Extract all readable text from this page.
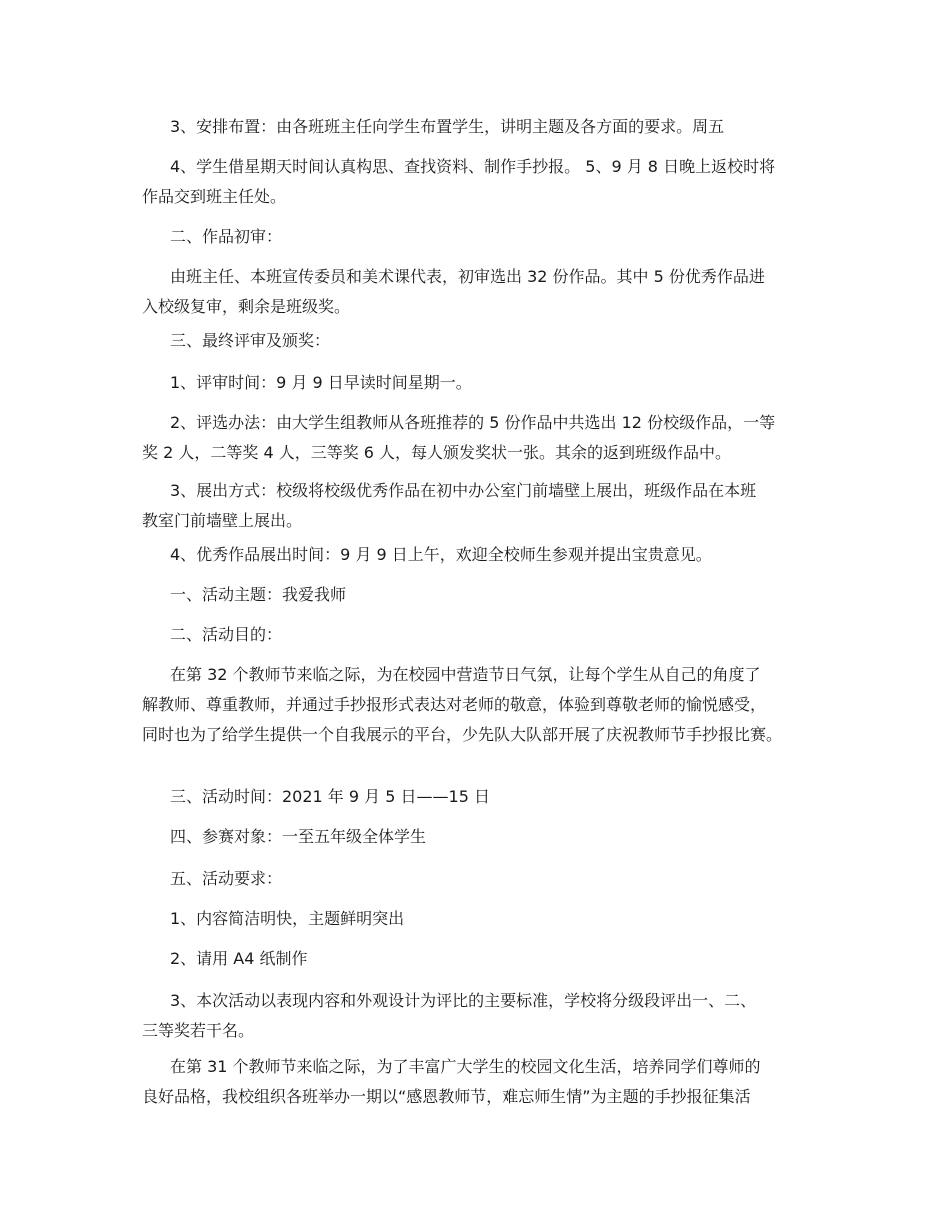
3、安排布置：由各班班主任向学生布置学生，讲明主题及各方面的要求。周五

4、学生借星期天时间认真构思、查找资料、制作手抄报。 5、9 月 8 日晚上返校时将
作品交到班主任处。

二、作品初审：

由班主任、本班宣传委员和美术课代表，初审选出 32 份作品。其中 5 份优秀作品进
入校级复审，剩余是班级奖。

三、最终评审及颁奖：

1、评审时间：9 月 9 日早读时间星期一。

2、评选办法：由大学生组教师从各班推荐的 5 份作品中共选出 12 份校级作品，一等
奖 2 人，二等奖 4 人，三等奖 6 人，每人颁发奖状一张。其余的返到班级作品中。

3、展出方式：校级将校级优秀作品在初中办公室门前墙壁上展出，班级作品在本班
教室门前墙壁上展出。

4、优秀作品展出时间：9 月 9 日上午，欢迎全校师生参观并提出宝贵意见。

一、活动主题：我爱我师

二、活动目的：

在第 32 个教师节来临之际，为在校园中营造节日气氛，让每个学生从自己的角度了
解教师、尊重教师，并通过手抄报形式表达对老师的敬意，体验到尊敬老师的愉悦感受，
同时也为了给学生提供一个自我展示的平台，少先队大队部开展了庆祝教师节手抄报比赛。

三、活动时间：2021 年 9 月 5 日——15 日

四、参赛对象：一至五年级全体学生

五、活动要求：

1、内容简洁明快，主题鲜明突出

2、请用 A4 纸制作

3、本次活动以表现内容和外观设计为评比的主要标准，学校将分级段评出一、二、
三等奖若干名。

在第 31 个教师节来临之际，为了丰富广大学生的校园文化生活，培养同学们尊师的
良好品格，我校组织各班举办一期以“感恩教师节，难忘师生情”为主题的手抄报征集活
